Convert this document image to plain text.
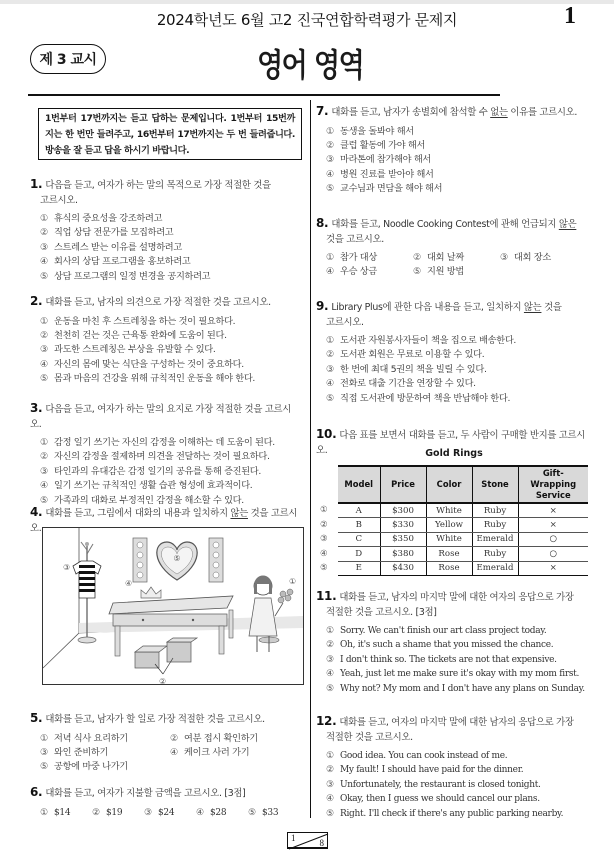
2024학년도 6월 고2 진국연합학력평가 문제지	1
제 3 교시	영어 영역
1번부터 17번까지는 듣고 답하는 문제입니다. 1번부터 15번까지는 한 번만 들려주고, 16번부터 17번까지는 두 번 들려줍니다. 방송을 잘 듣고 답을 하시기 바랍니다.
1. 다음을 듣고, 여자가 하는 말의 목적으로 가장 적절한 것을
고르시오.
① 휴식의 중요성을 강조하려고
② 직업 상담 전문가를 모집하려고
③ 스트레스 받는 이유를 설명하려고
④ 회사의 상담 프로그램을 홍보하려고
⑤ 상담 프로그램의 일정 변경을 공지하려고
2. 대화를 듣고, 남자의 의견으로 가장 적절한 것을 고르시오.
① 운동을 마친 후 스트레칭을 하는 것이 필요하다.
② 천천히 걷는 것은 근육통 완화에 도움이 된다.
③ 과도한 스트레칭은 부상을 유발할 수 있다.
④ 자신의 몸에 맞는 식단을 구성하는 것이 중요하다.
⑤ 몸과 마음의 건강을 위해 규칙적인 운동을 해야 한다.
3. 다음을 듣고, 여자가 하는 말의 요지로 가장 적절한 것을 고르시오.
① 감정 일기 쓰기는 자신의 감정을 이해하는 데 도움이 된다.
② 자신의 감정을 절제하며 의견을 전달하는 것이 필요하다.
③ 타인과의 유대감은 감정 일기의 공유를 통해 증진된다.
④ 일기 쓰기는 규칙적인 생활 습관 형성에 효과적이다.
⑤ 가족과의 대화로 부정적인 감정을 해소할 수 있다.
4. 대화를 듣고, 그림에서 대화의 내용과 일치하지 않는 것을 고르시오.
⑤
③
④
②
①
5. 대화를 듣고, 남자가 할 일로 가장 적절한 것을 고르시오.
① 저녁 식사 요리하기	② 여분 접시 확인하기
③ 와인 준비하기	④ 케이크 사러 가기
⑤ 공항에 마중 나가기
6. 대화를 듣고, 여자가 지불할 금액을 고르시오. [3점]
① $14	② $19	③ $24	④ $28	⑤ $33
7. 대화를 듣고, 남자가 송별회에 참석할 수 없는 이유를 고르시오.
① 동생을 돌봐야 해서
② 클럽 활동에 가야 해서
③ 마라톤에 참가해야 해서
④ 병원 진료를 받아야 해서
⑤ 교수님과 면담을 해야 해서
8. 대화를 듣고, Noodle Cooking Contest에 관해 언급되지 않은
것을 고르시오.
① 참가 대상	② 대회 날짜	③ 대회 장소
④ 우승 상금	⑤ 지원 방법
9. Library Plus에 관한 다음 내용을 듣고, 일치하지 않는 것을
고르시오.
① 도서관 자원봉사자들이 책을 집으로 배송한다.
② 도서관 회원은 무료로 이용할 수 있다.
③ 한 번에 최대 5권의 책을 빌릴 수 있다.
④ 전화로 대출 기간을 연장할 수 있다.
⑤ 직접 도서관에 방문하여 책을 반납해야 한다.
10. 다음 표를 보면서 대화를 듣고, 두 사람이 구매할 반지를 고르시오.	Gold Rings
	Model	Price	Color	Stone	Gift-Wrapping Service
①	A	$300	White	Ruby	×
②	B	$330	Yellow	Ruby	×
③	C	$350	White	Emerald	○
④	D	$380	Rose	Ruby	○
⑤	E	$430	Rose	Emerald	×
11. 대화를 듣고, 남자의 마지막 말에 대한 여자의 응답으로 가장
적절한 것을 고르시오. [3점]
① Sorry. We can't finish our art class project today.
② Oh, it's such a shame that you missed the chance.
③ I don't think so. The tickets are not that expensive.
④ Yeah, just let me make sure it's okay with my mom first.
⑤ Why not? My mom and I don't have any plans on Sunday.
12. 대화를 듣고, 여자의 마지막 말에 대한 남자의 응답으로 가장
적절한 것을 고르시오.
① Good idea. You can cook instead of me.
② My fault! I should have paid for the dinner.
③ Unfortunately, the restaurant is closed tonight.
④ Okay, then I guess we should cancel our plans.
⑤ Right. I'll check if there's any public parking nearby.
1	8
